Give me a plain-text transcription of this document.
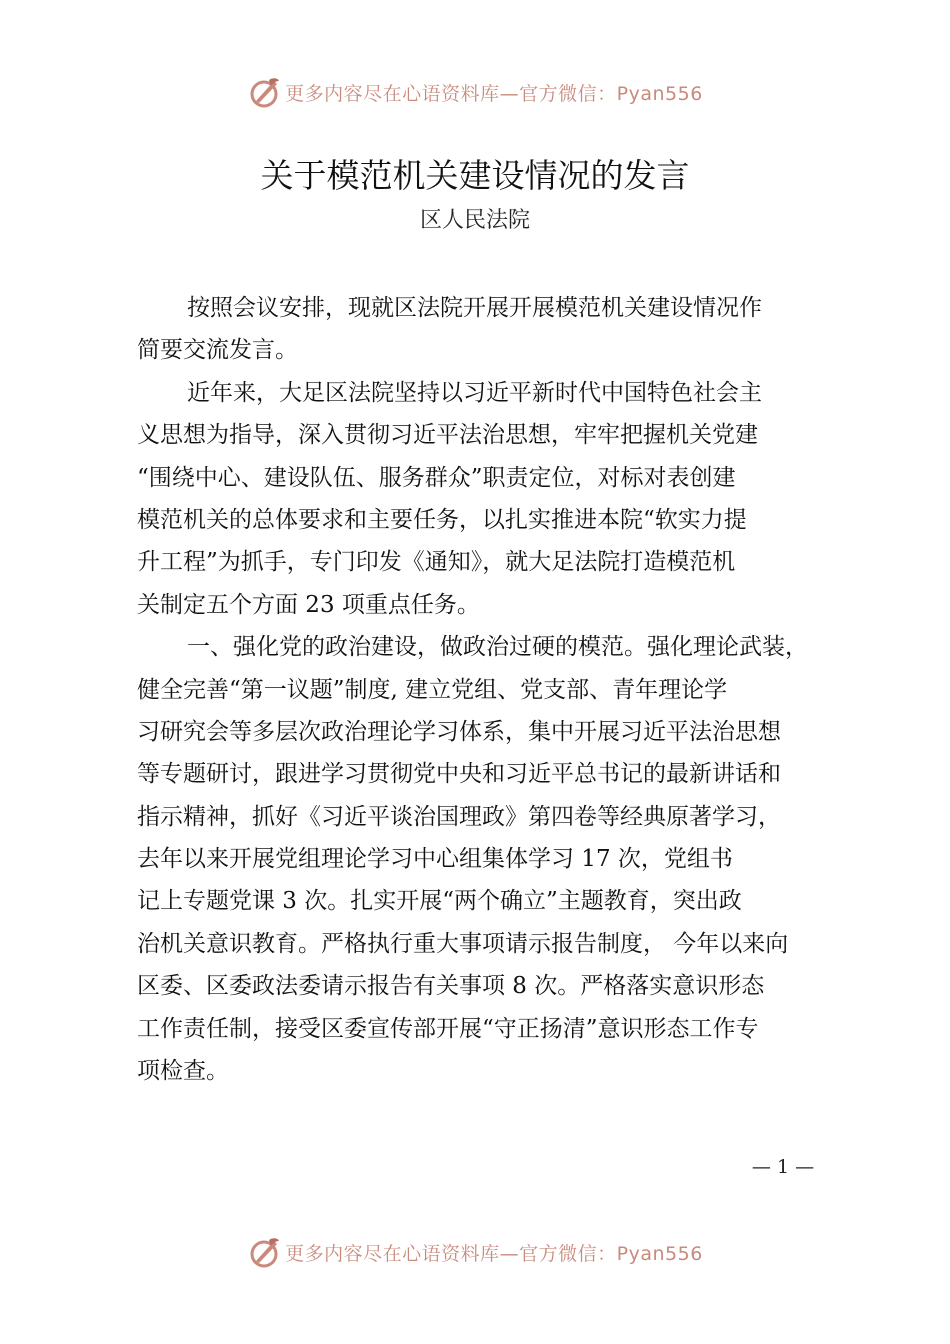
更多内容尽在心语资料库—官方微信：Pyan556
关于模范机关建设情况的发言
区人民法院
按照会议安排，现就区法院开展开展模范机关建设情况作
简要交流发言。
近年来，大足区法院坚持以习近平新时代中国特色社会主
义思想为指导，深入贯彻习近平法治思想，牢牢把握机关党建
“围绕中心、建设队伍、服务群众”职责定位，对标对表创建
模范机关的总体要求和主要任务，以扎实推进本院“软实力提
升工程”为抓手，专门印发《通知》，就大足法院打造模范机
关制定五个方面 23 项重点任务。
一、强化党的政治建设，做政治过硬的模范。强化理论武装，
健全完善“第一议题”制度, 建立党组、党支部、青年理论学
习研究会等多层次政治理论学习体系，集中开展习近平法治思想
等专题研讨，跟进学习贯彻党中央和习近平总书记的最新讲话和
指示精神，抓好《习近平谈治国理政》第四卷等经典原著学习，
去年以来开展党组理论学习中心组集体学习 17 次，党组书
记上专题党课 3 次。扎实开展“两个确立”主题教育，突出政
治机关意识教育。严格执行重大事项请示报告制度， 今年以来向
区委、区委政法委请示报告有关事项 8 次。严格落实意识形态
工作责任制，接受区委宣传部开展“守正扬清”意识形态工作专
项检查。
— 1 —
更多内容尽在心语资料库—官方微信：Pyan556
